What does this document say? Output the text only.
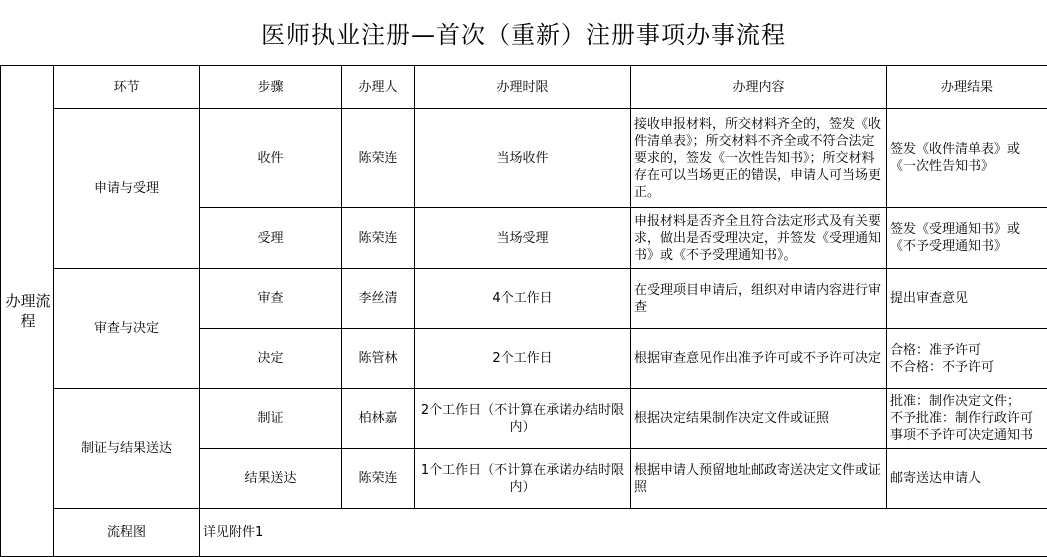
医师执业注册—首次（重新）注册事项办事流程
办理流程	环节	步骤	办理人	办理时限	办理内容	办理结果
	申请与受理	收件	陈荣连	当场收件	接收申报材料，所交材料齐全的，签发《收件清单表》；所交材料不齐全或不符合法定要求的，签发《一次性告知书》；所交材料存在可以当场更正的错误，申请人可当场更正。	签发《收件清单表》或《一次性告知书》
		受理	陈荣连	当场受理	申报材料是否齐全且符合法定形式及有关要求，做出是否受理决定，并签发《受理通知书》或《不予受理通知书》。	签发《受理通知书》或《不予受理通知书》
	审查与决定	审查	李丝清	4个工作日	在受理项目申请后，组织对申请内容进行审查	提出审查意见
		决定	陈管林	2个工作日	根据审查意见作出准予许可或不予许可决定	合格：准予许可
不合格：不予许可
	制证与结果送达	制证	柏林嘉	2个工作日（不计算在承诺办结时限内）	根据决定结果制作决定文件或证照	批准：制作决定文件；
不予批准：制作行政许可事项不予许可决定通知书
		结果送达	陈荣连	1个工作日（不计算在承诺办结时限内）	根据申请人预留地址邮政寄送决定文件或证照	邮寄送达申请人
	流程图	详见附件1				
